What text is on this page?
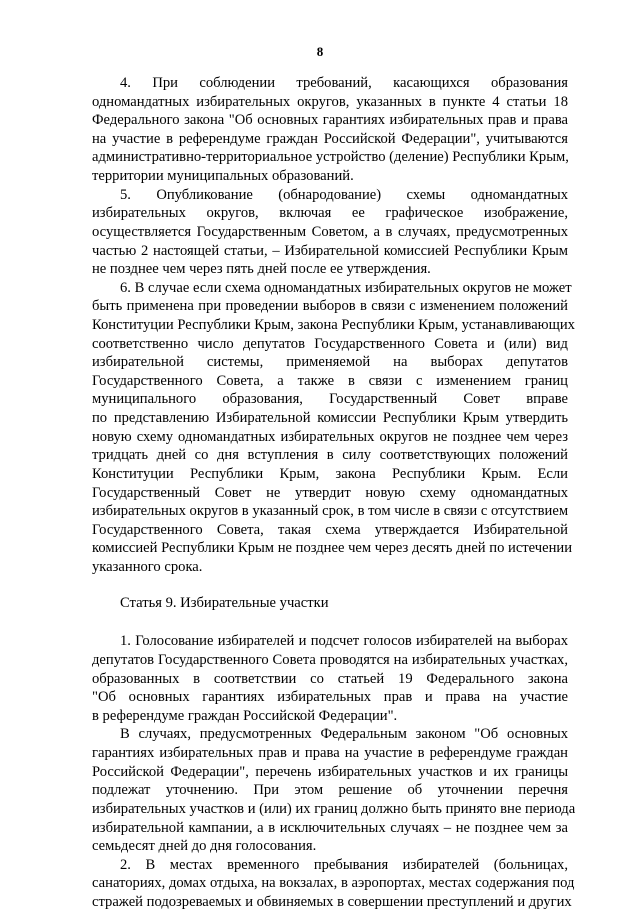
8
4. При соблюдении требований, касающихся образования
одномандатных избирательных округов, указанных в пункте 4 статьи 18
Федерального закона "Об основных гарантиях избирательных прав и права
на участие в референдуме граждан Российской Федерации", учитываются
административно-территориальное устройство (деление) Республики Крым,
территории муниципальных образований.
5. Опубликование (обнародование) схемы одномандатных
избирательных округов, включая ее графическое изображение,
осуществляется Государственным Советом, а в случаях, предусмотренных
частью 2 настоящей статьи, – Избирательной комиссией Республики Крым
не позднее чем через пять дней после ее утверждения.
6. В случае если схема одномандатных избирательных округов не может
быть применена при проведении выборов в связи с изменением положений
Конституции Республики Крым, закона Республики Крым, устанавливающих
соответственно число депутатов Государственного Совета и (или) вид
избирательной системы, применяемой на выборах депутатов
Государственного Совета, а также в связи с изменением границ
муниципального образования, Государственный Совет вправе
по представлению Избирательной комиссии Республики Крым утвердить
новую схему одномандатных избирательных округов не позднее чем через
тридцать дней со дня вступления в силу соответствующих положений
Конституции Республики Крым, закона Республики Крым. Если
Государственный Совет не утвердит новую схему одномандатных
избирательных округов в указанный срок, в том числе в связи с отсутствием
Государственного Совета, такая схема утверждается Избирательной
комиссией Республики Крым не позднее чем через десять дней по истечении
указанного срока.
Статья 9. Избирательные участки
1. Голосование избирателей и подсчет голосов избирателей на выборах
депутатов Государственного Совета проводятся на избирательных участках,
образованных в соответствии со статьей 19 Федерального закона
"Об основных гарантиях избирательных прав и права на участие
в референдуме граждан Российской Федерации".
В случаях, предусмотренных Федеральным законом "Об основных
гарантиях избирательных прав и права на участие в референдуме граждан
Российской Федерации", перечень избирательных участков и их границы
подлежат уточнению. При этом решение об уточнении перечня
избирательных участков и (или) их границ должно быть принято вне периода
избирательной кампании, а в исключительных случаях – не позднее чем за
семьдесят дней до дня голосования.
2. В местах временного пребывания избирателей (больницах,
санаториях, домах отдыха, на вокзалах, в аэропортах, местах содержания под
стражей подозреваемых и обвиняемых в совершении преступлений и других
